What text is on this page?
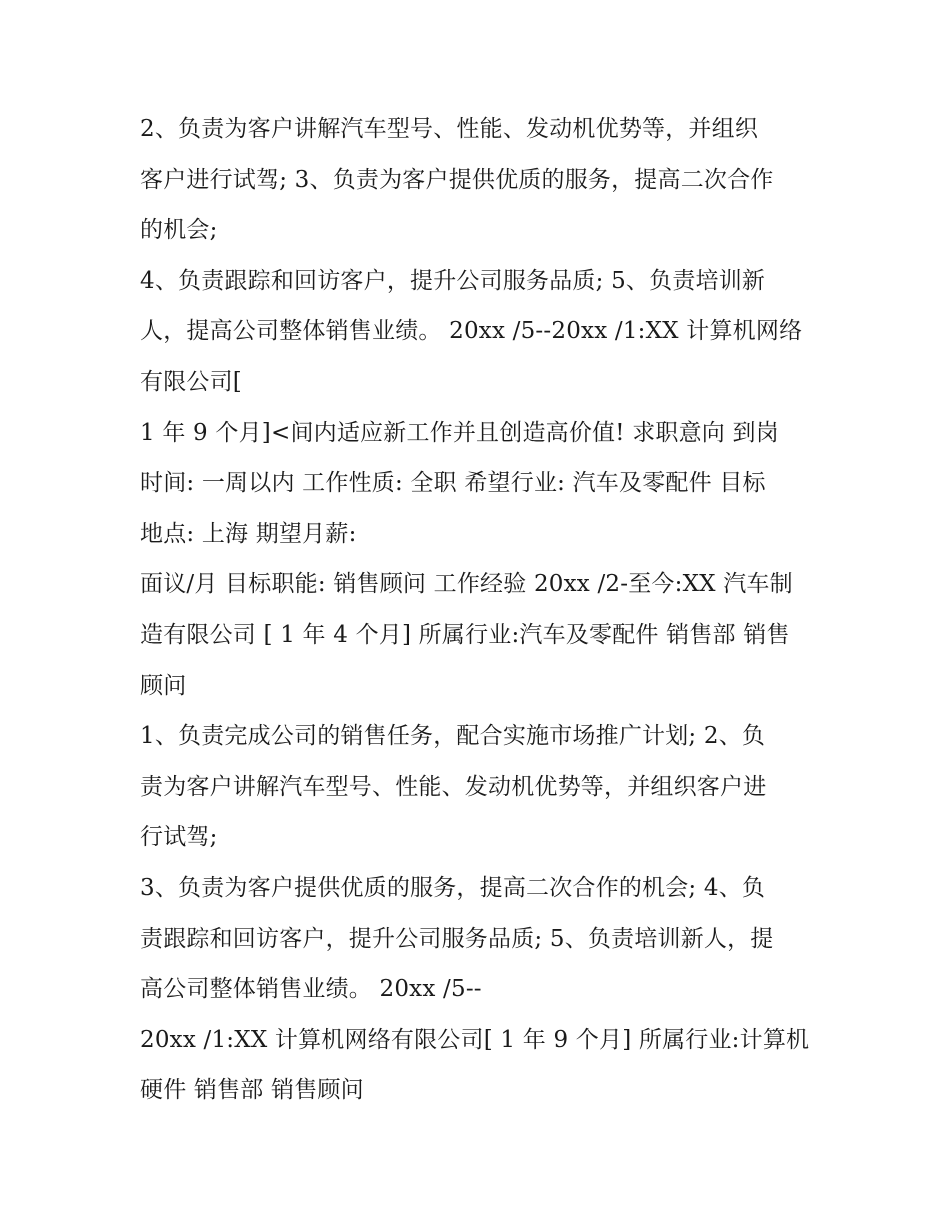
2、负责为客户讲解汽车型号、性能、发动机优势等，并组织
客户进行试驾; 3、负责为客户提供优质的服务，提高二次合作
的机会;
4、负责跟踪和回访客户，提升公司服务品质; 5、负责培训新
人，提高公司整体销售业绩。 20xx /5--20xx /1:XX 计算机网络
有限公司[
1 年 9 个月]<间内适应新工作并且创造高价值! 求职意向 到岗
时间: 一周以内 工作性质: 全职 希望行业: 汽车及零配件 目标
地点: 上海 期望月薪:
面议/月 目标职能: 销售顾问 工作经验 20xx /2-至今:XX 汽车制
造有限公司 [ 1 年 4 个月] 所属行业:汽车及零配件 销售部 销售
顾问
1、负责完成公司的销售任务，配合实施市场推广计划; 2、负
责为客户讲解汽车型号、性能、发动机优势等，并组织客户进
行试驾;
3、负责为客户提供优质的服务，提高二次合作的机会; 4、负
责跟踪和回访客户，提升公司服务品质; 5、负责培训新人，提
高公司整体销售业绩。 20xx /5--
20xx /1:XX 计算机网络有限公司[ 1 年 9 个月] 所属行业:计算机
硬件 销售部 销售顾问
